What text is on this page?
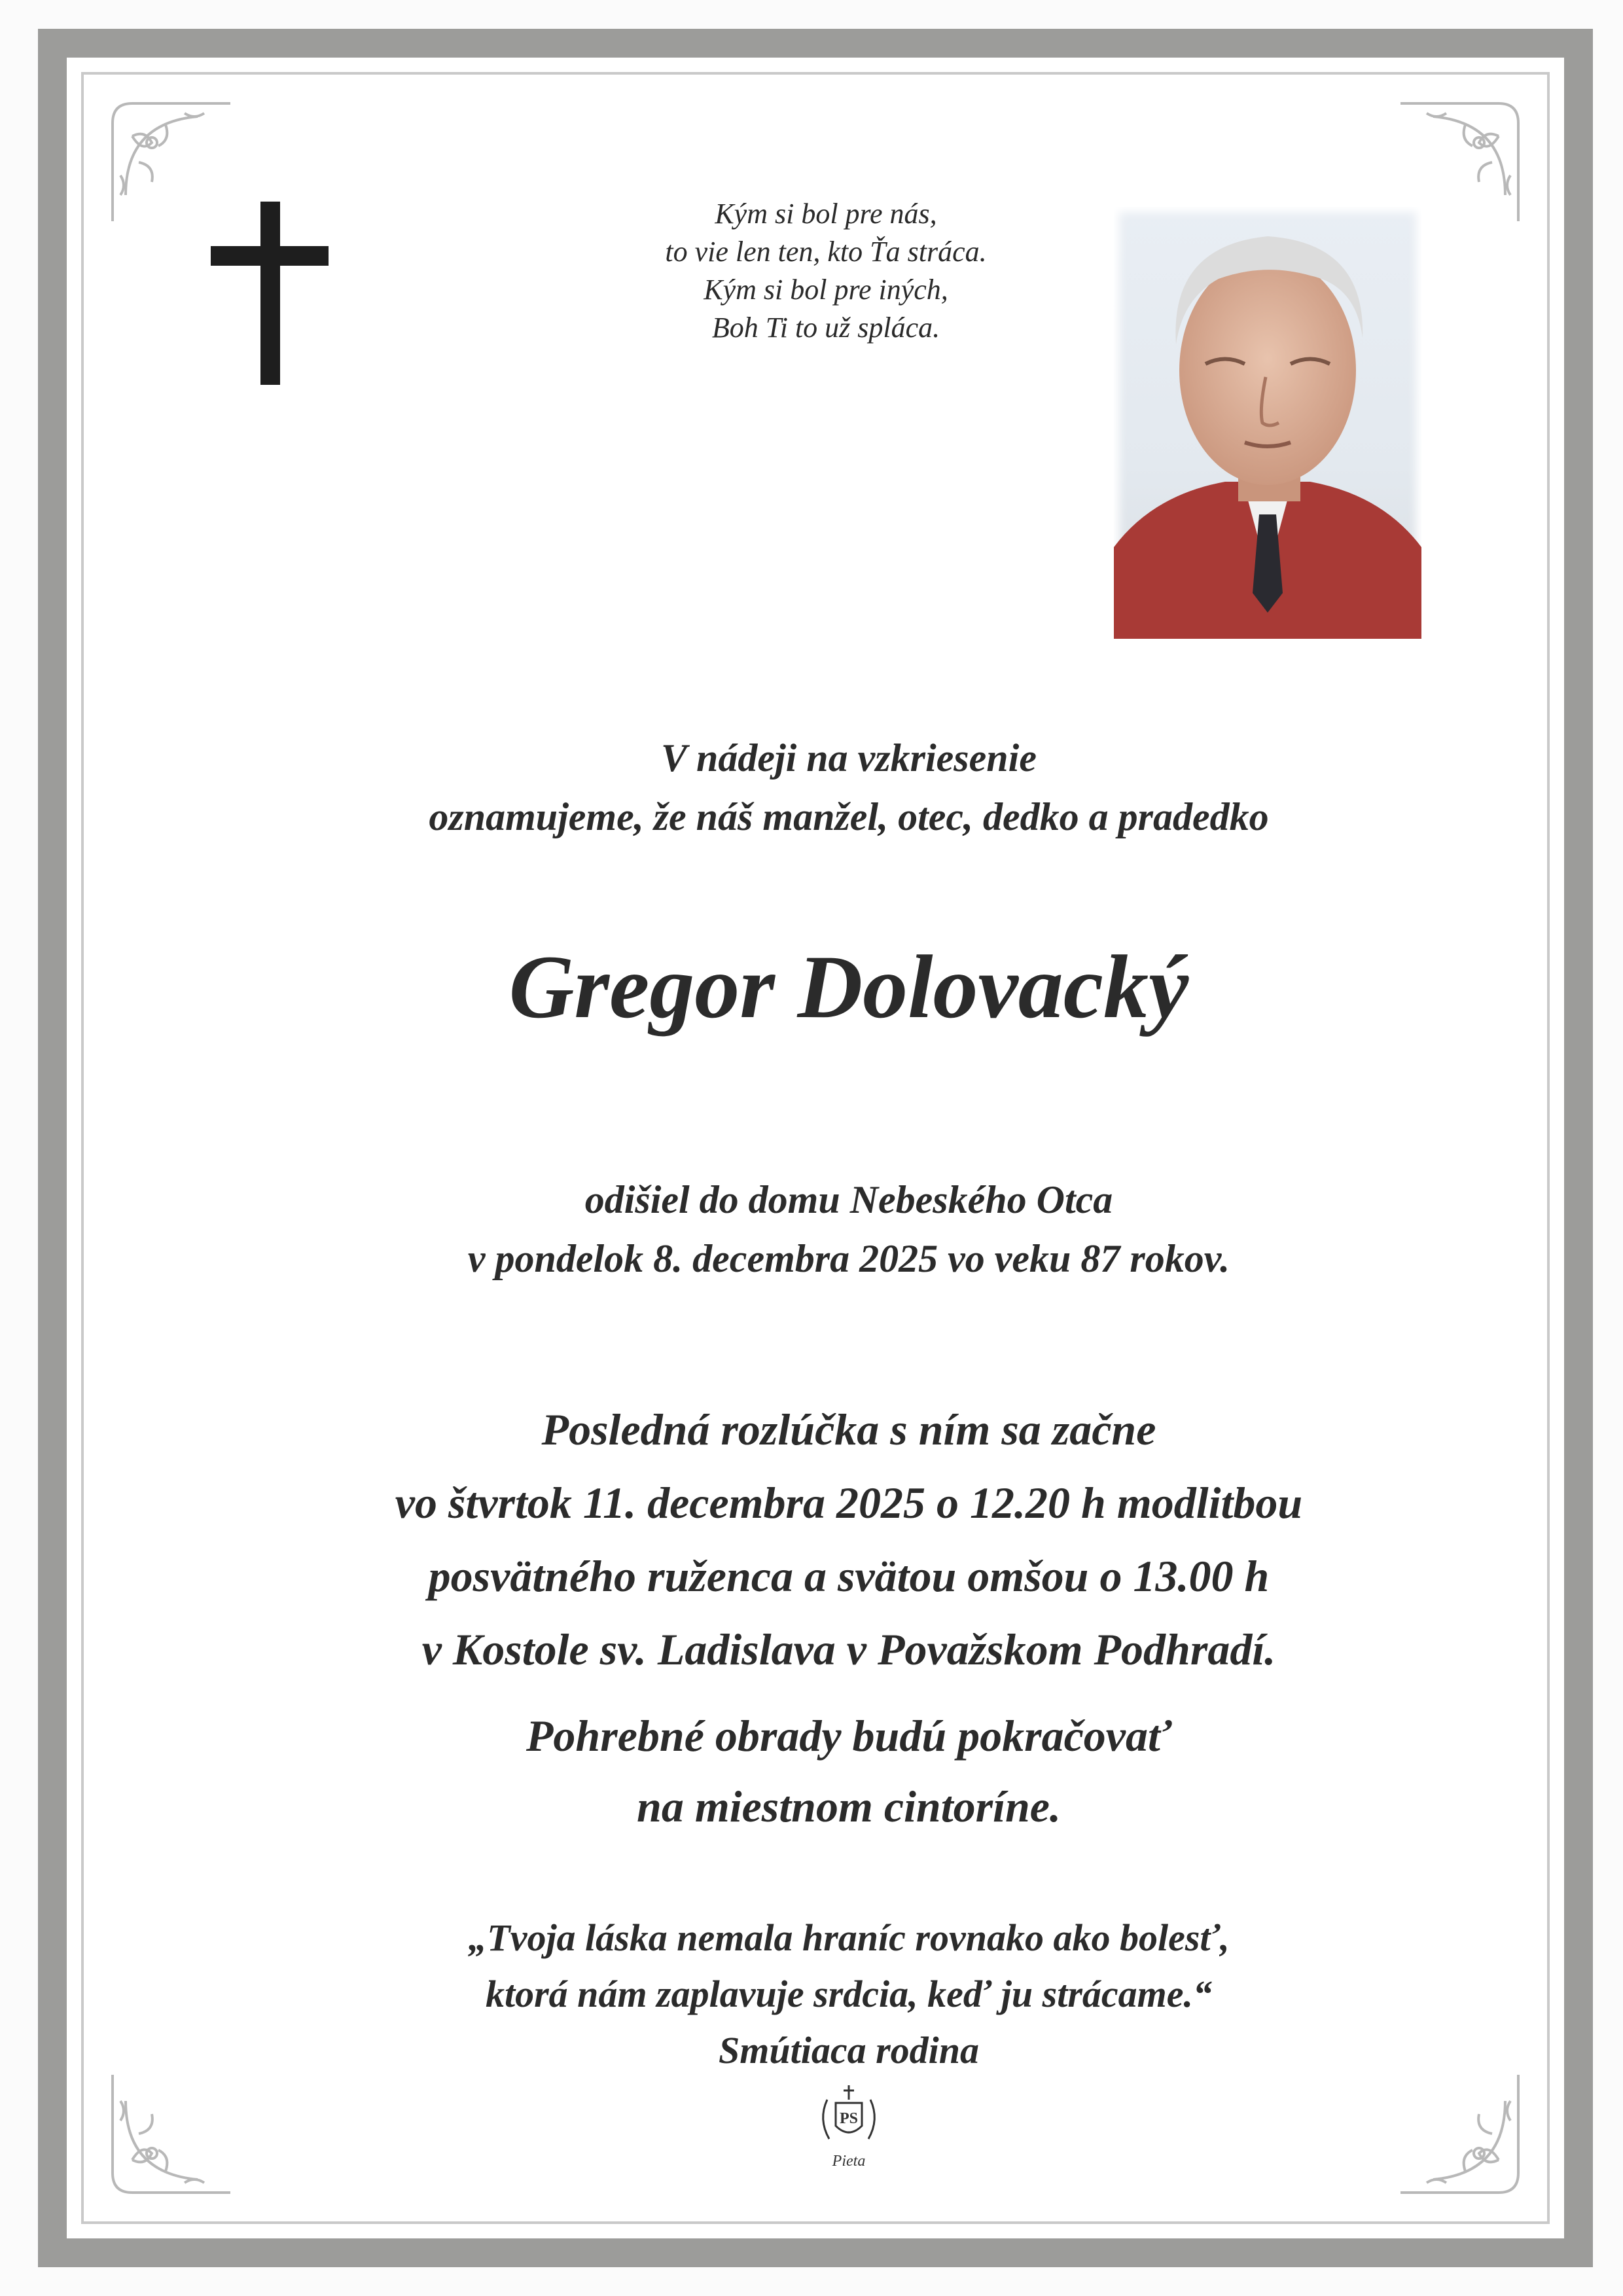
Kým si bol pre nás,
to vie len ten, kto Ťa stráca.
Kým si bol pre iných,
Boh Ti to už spláca.
V nádeji na vzkriesenie
oznamujeme, že náš manžel, otec, dedko a pradedko
Gregor Dolovacký
odišiel do domu Nebeského Otca
v pondelok 8. decembra 2025 vo veku 87 rokov.
Posledná rozlúčka s ním sa začne
vo štvrtok 11. decembra 2025 o 12.20 h modlitbou
posvätného ruženca a svätou omšou o 13.00 h
v Kostole sv. Ladislava v Považskom Podhradí.
Pohrebné obrady budú pokračovať
na miestnom cintoríne.
„Tvoja láska nemala hraníc rovnako ako bolesť,
ktorá nám zaplavuje srdcia, keď ju strácame.“
Smútiaca rodina
PS
Pieta
